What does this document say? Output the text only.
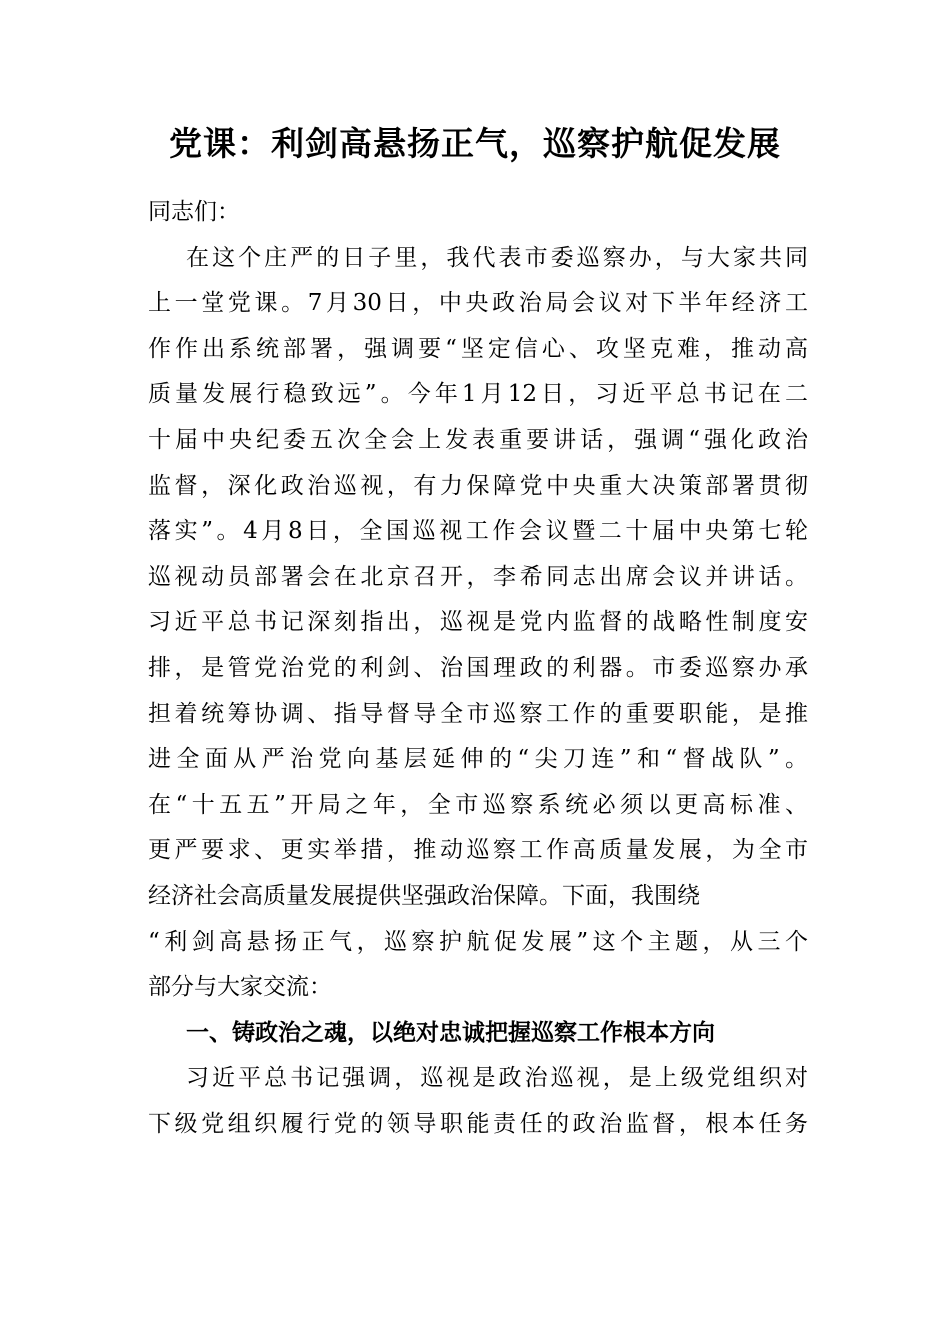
党课：利剑高悬扬正气，巡察护航促发展
同志们：
在这个庄严的日子里，我代表市委巡察办，与大家共同
上一堂党课。7月30日，中央政治局会议对下半年经济工
作作出系统部署，强调要“坚定信心、攻坚克难，推动高
质量发展行稳致远”。今年1月12日，习近平总书记在二
十届中央纪委五次全会上发表重要讲话，强调“强化政治
监督，深化政治巡视，有力保障党中央重大决策部署贯彻
落实”。4月8日，全国巡视工作会议暨二十届中央第七轮
巡视动员部署会在北京召开，李希同志出席会议并讲话。
习近平总书记深刻指出，巡视是党内监督的战略性制度安
排，是管党治党的利剑、治国理政的利器。市委巡察办承
担着统筹协调、指导督导全市巡察工作的重要职能，是推
进全面从严治党向基层延伸的“尖刀连”和“督战队”。
在“十五五”开局之年，全市巡察系统必须以更高标准、
更严要求、更实举措，推动巡察工作高质量发展，为全市
经济社会高质量发展提供坚强政治保障。下面，我围绕
“利剑高悬扬正气，巡察护航促发展”这个主题，从三个
部分与大家交流：
一、铸政治之魂，以绝对忠诚把握巡察工作根本方向
习近平总书记强调，巡视是政治巡视，是上级党组织对
下级党组织履行党的领导职能责任的政治监督，根本任务
